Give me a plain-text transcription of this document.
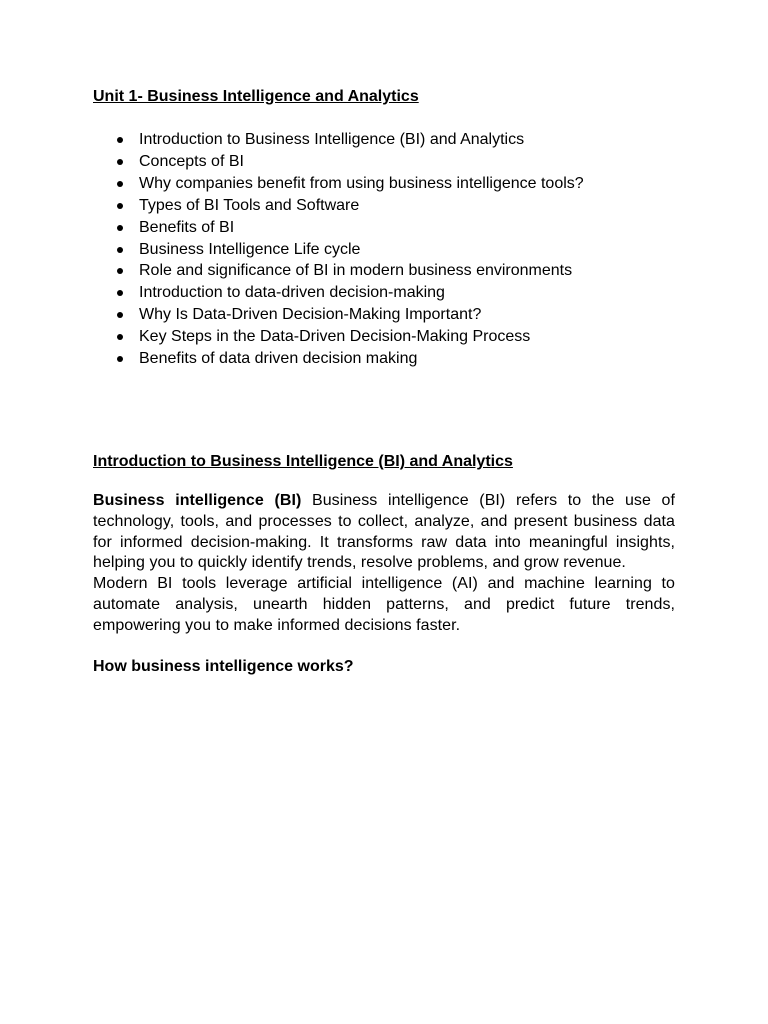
Unit 1- Business Intelligence and Analytics
Introduction to Business Intelligence (BI) and Analytics
Concepts of BI
Why companies benefit from using business intelligence tools?
Types of BI Tools and Software
Benefits of BI
Business Intelligence Life cycle
Role and significance of BI in modern business environments
Introduction to data-driven decision-making
Why Is Data-Driven Decision-Making Important?
Key Steps in the Data-Driven Decision-Making Process
Benefits of data driven decision making
Introduction to Business Intelligence (BI) and Analytics

Business intelligence (BI) Business intelligence (BI) refers to the use of technology, tools, and processes to collect, analyze, and present business data for informed decision-making. It transforms raw data into meaningful insights, helping you to quickly identify trends, resolve problems, and grow revenue.

Modern BI tools leverage artificial intelligence (AI) and machine learning to automate analysis, unearth hidden patterns, and predict future trends, empowering you to make informed decisions faster.

How business intelligence works?
